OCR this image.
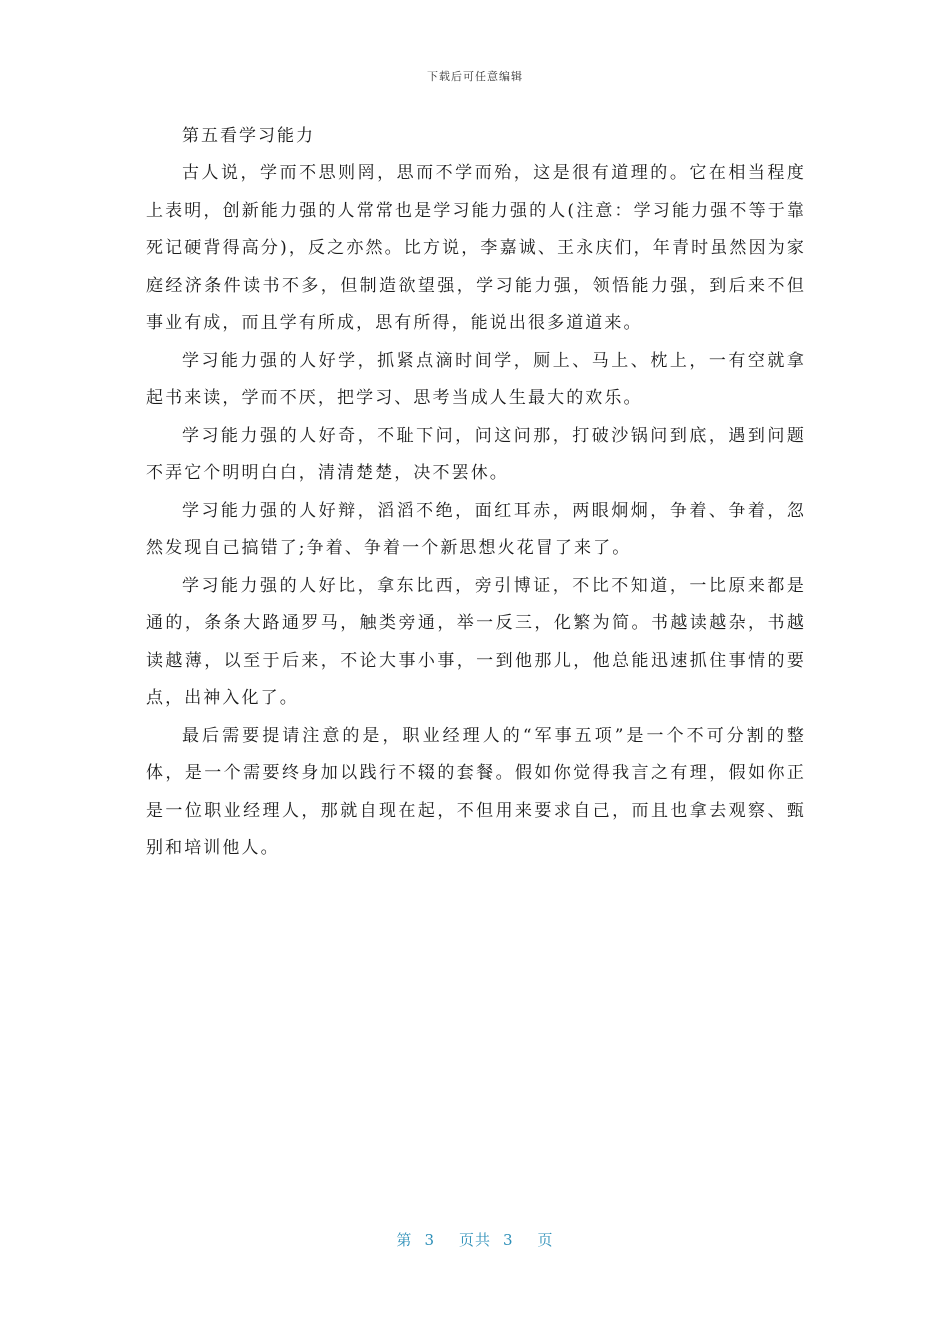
下载后可任意编辑
第五看学习能力

古人说，学而不思则罔，思而不学而殆，这是很有道理的。它在相当程度上表明，创新能力强的人常常也是学习能力强的人(注意：学习能力强不等于靠死记硬背得高分)，反之亦然。比方说，李嘉诚、王永庆们，年青时虽然因为家庭经济条件读书不多，但制造欲望强，学习能力强，领悟能力强，到后来不但事业有成，而且学有所成，思有所得，能说出很多道道来。

学习能力强的人好学，抓紧点滴时间学，厕上、马上、枕上，一有空就拿起书来读，学而不厌，把学习、思考当成人生最大的欢乐。

学习能力强的人好奇，不耻下问，问这问那，打破沙锅问到底，遇到问题不弄它个明明白白，清清楚楚，决不罢休。

学习能力强的人好辩，滔滔不绝，面红耳赤，两眼炯炯，争着、争着，忽然发现自己搞错了;争着、争着一个新思想火花冒了来了。

学习能力强的人好比，拿东比西，旁引博证，不比不知道，一比原来都是通的，条条大路通罗马，触类旁通，举一反三，化繁为简。书越读越杂，书越读越薄，以至于后来，不论大事小事，一到他那儿，他总能迅速抓住事情的要点，出神入化了。

最后需要提请注意的是，职业经理人的“军事五项”是一个不可分割的整体，是一个需要终身加以践行不辍的套餐。假如你觉得我言之有理，假如你正是一位职业经理人，那就自现在起，不但用来要求自己，而且也拿去观察、甄别和培训他人。

第 3 页共 3 页
